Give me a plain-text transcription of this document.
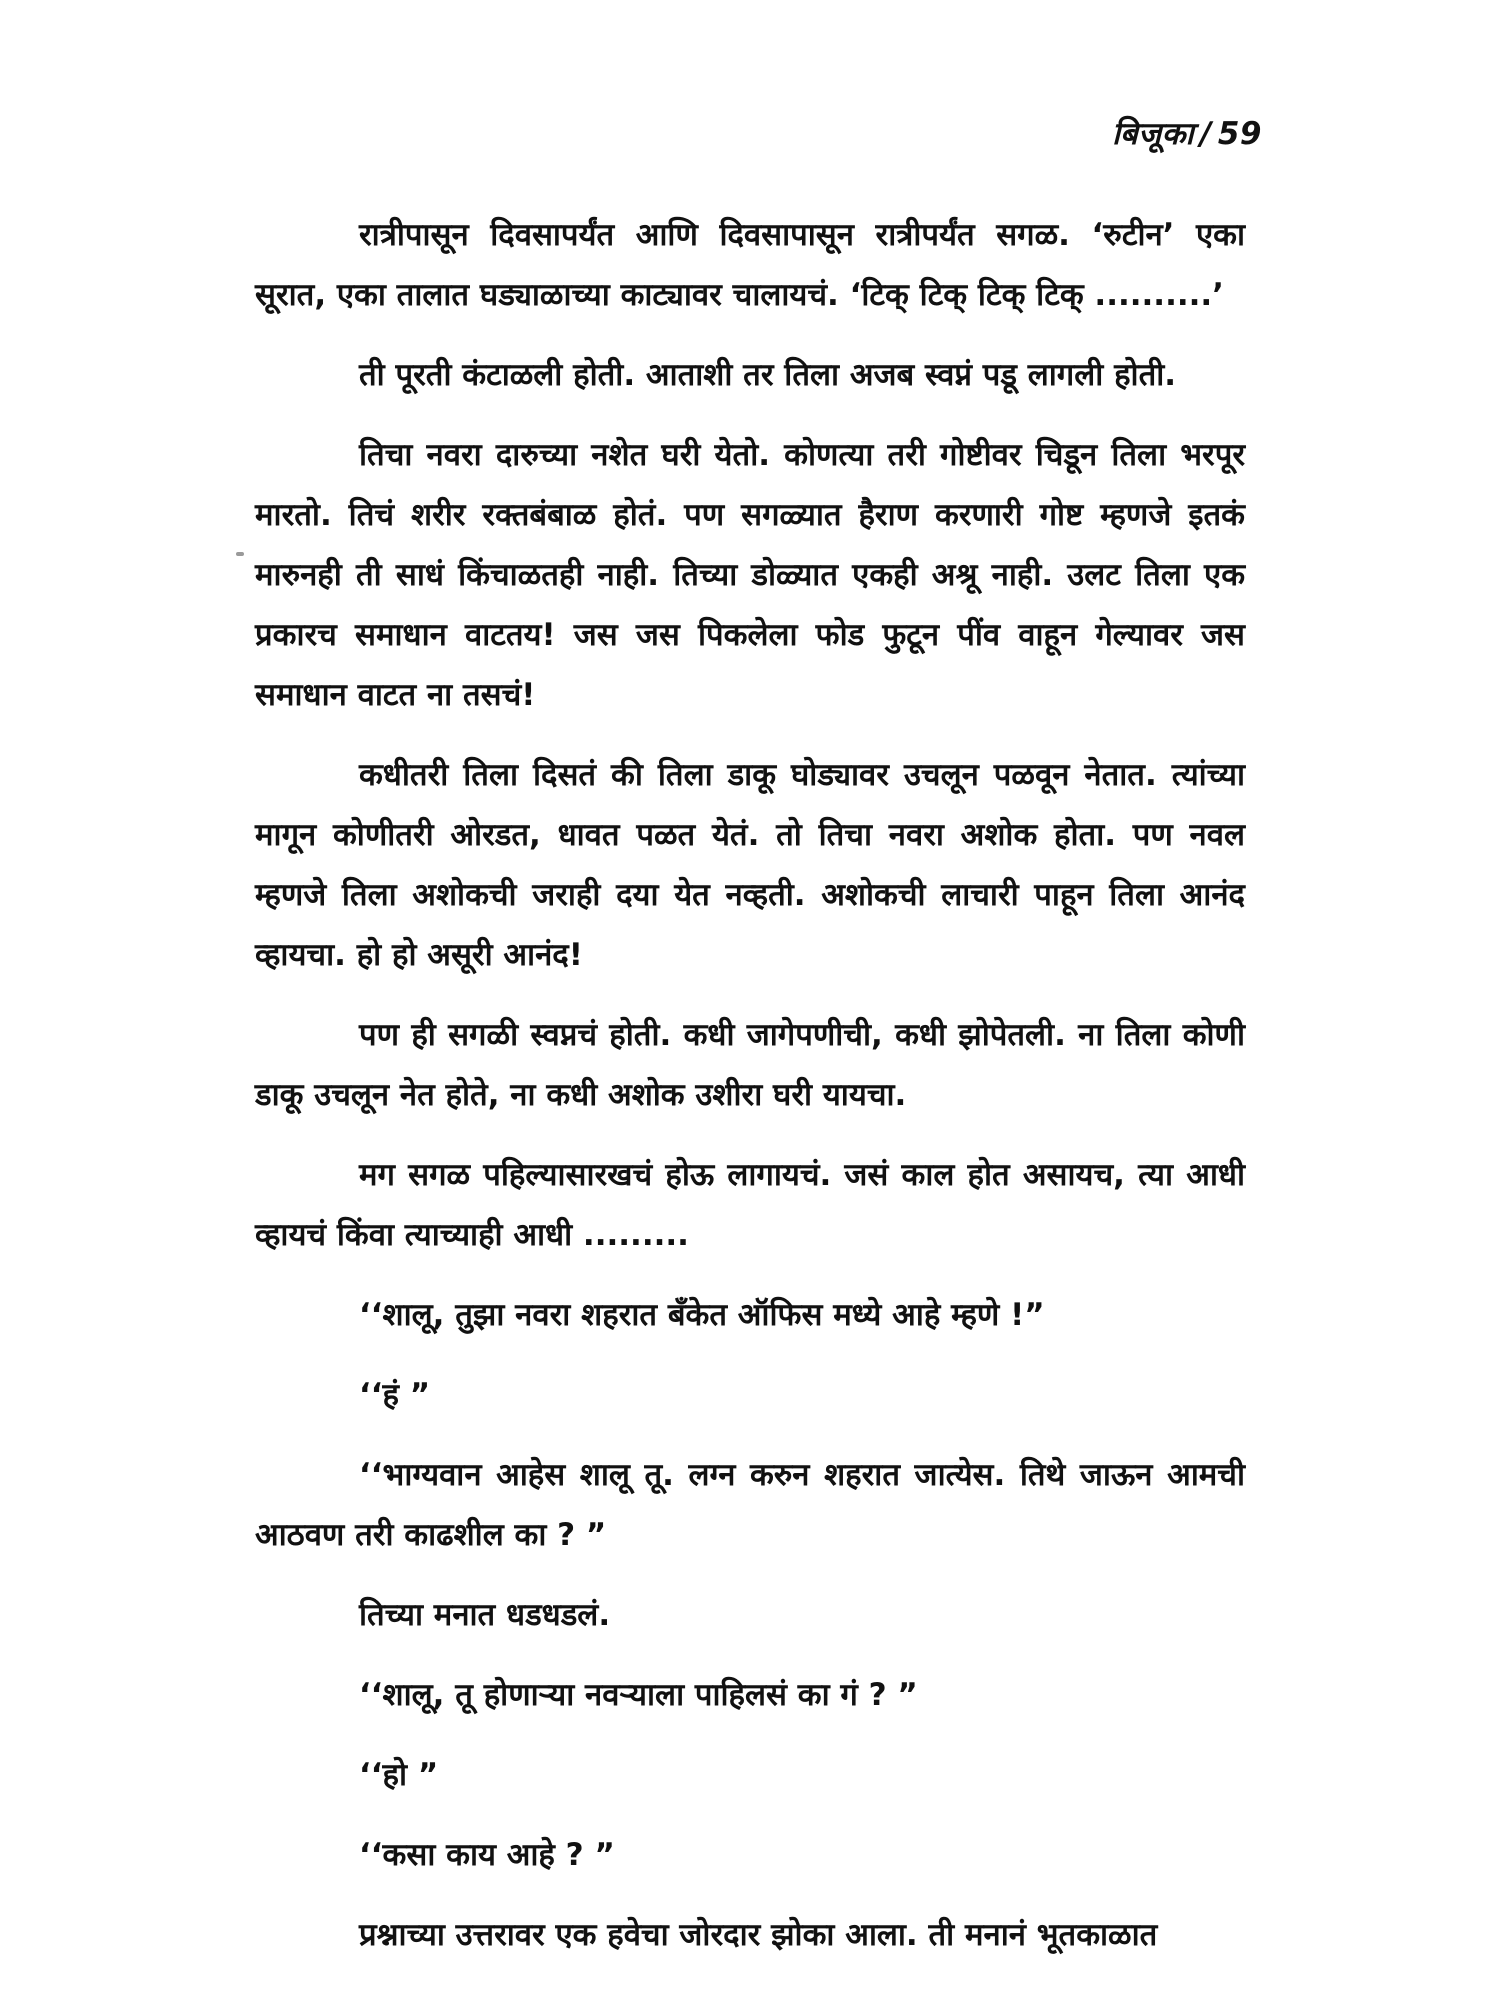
बिजूका / 59

रात्रीपासून दिवसापर्यंत आणि दिवसापासून रात्रीपर्यंत सगळ. ‘रुटीन’ एका सूरात, एका तालात घड्याळाच्या काट्यावर चालायचं. ‘टिक् टिक् टिक् टिक् ..........’

ती पूरती कंटाळली होती. आताशी तर तिला अजब स्वप्नं पडू लागली होती.

तिचा नवरा दारुच्या नशेत घरी येतो. कोणत्या तरी गोष्टीवर चिडून तिला भरपूर मारतो. तिचं शरीर रक्तबंबाळ होतं. पण सगळ्यात हैराण करणारी गोष्ट म्हणजे इतकं मारुनही ती साधं किंचाळतही नाही. तिच्या डोळ्यात एकही अश्रू नाही. उलट तिला एक प्रकारच समाधान वाटतय! जस जस पिकलेला फोड फुटून पींव वाहून गेल्यावर जस समाधान वाटत ना तसचं!

कधीतरी तिला दिसतं की तिला डाकू घोड्यावर उचलून पळवून नेतात. त्यांच्या मागून कोणीतरी ओरडत, धावत पळत येतं. तो तिचा नवरा अशोक होता. पण नवल म्हणजे तिला अशोकची जराही दया येत नव्हती. अशोकची लाचारी पाहून तिला आनंद व्हायचा. हो हो असूरी आनंद!

पण ही सगळी स्वप्नचं होती. कधी जागेपणीची, कधी झोपेतली. ना तिला कोणी डाकू उचलून नेत होते, ना कधी अशोक उशीरा घरी यायचा.

मग सगळ पहिल्यासारखचं होऊ लागायचं. जसं काल होत असायच, त्या आधी व्हायचं किंवा त्याच्याही आधी .........

‘‘शालू, तुझा नवरा शहरात बँकेत ऑफिस मध्ये आहे म्हणे !”

‘‘हं ”

‘‘भाग्यवान आहेस शालू तू. लग्न करुन शहरात जात्येस. तिथे जाऊन आमची आठवण तरी काढशील का ? ”

तिच्या मनात धडधडलं.

‘‘शालू, तू होणाऱ्या नवऱ्याला पाहिलसं का गं ? ”

‘‘हो ”

‘‘कसा काय आहे ? ”

प्रश्नाच्या उत्तरावर एक हवेचा जोरदार झोका आला. ती मनानं भूतकाळात
